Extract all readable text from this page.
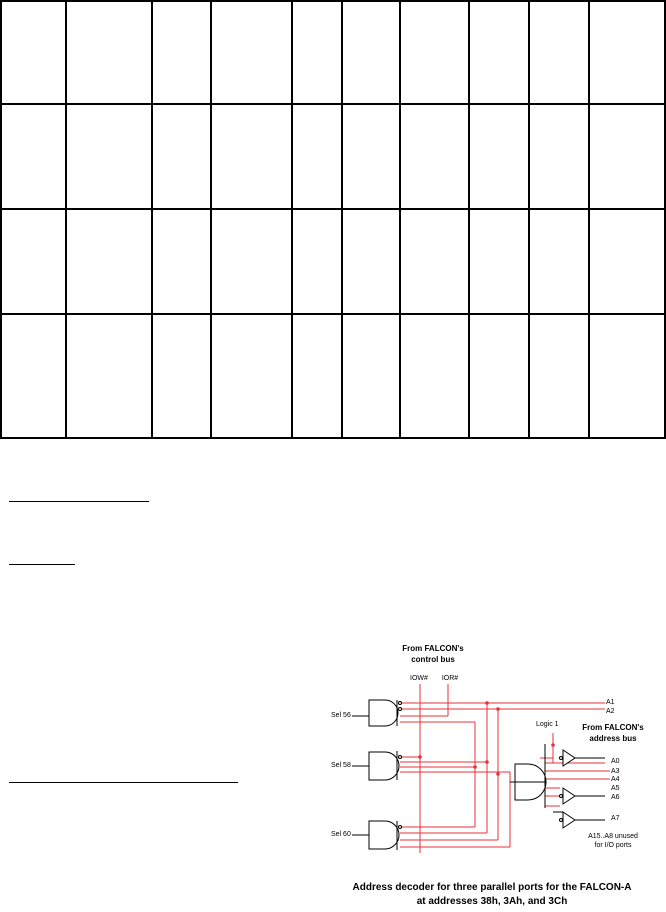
From FALCON's
control bus
IOW# IOR#
A1
A2
Logic 1	From FALCON's
address bus
Sel 56
Sel 58
Sel 60
A0
A3
A4
A5
A6
A7
A15..A8 unused
for I/O ports
Address decoder for three parallel ports for the FALCON-A
at addresses 38h, 3Ah, and 3Ch
